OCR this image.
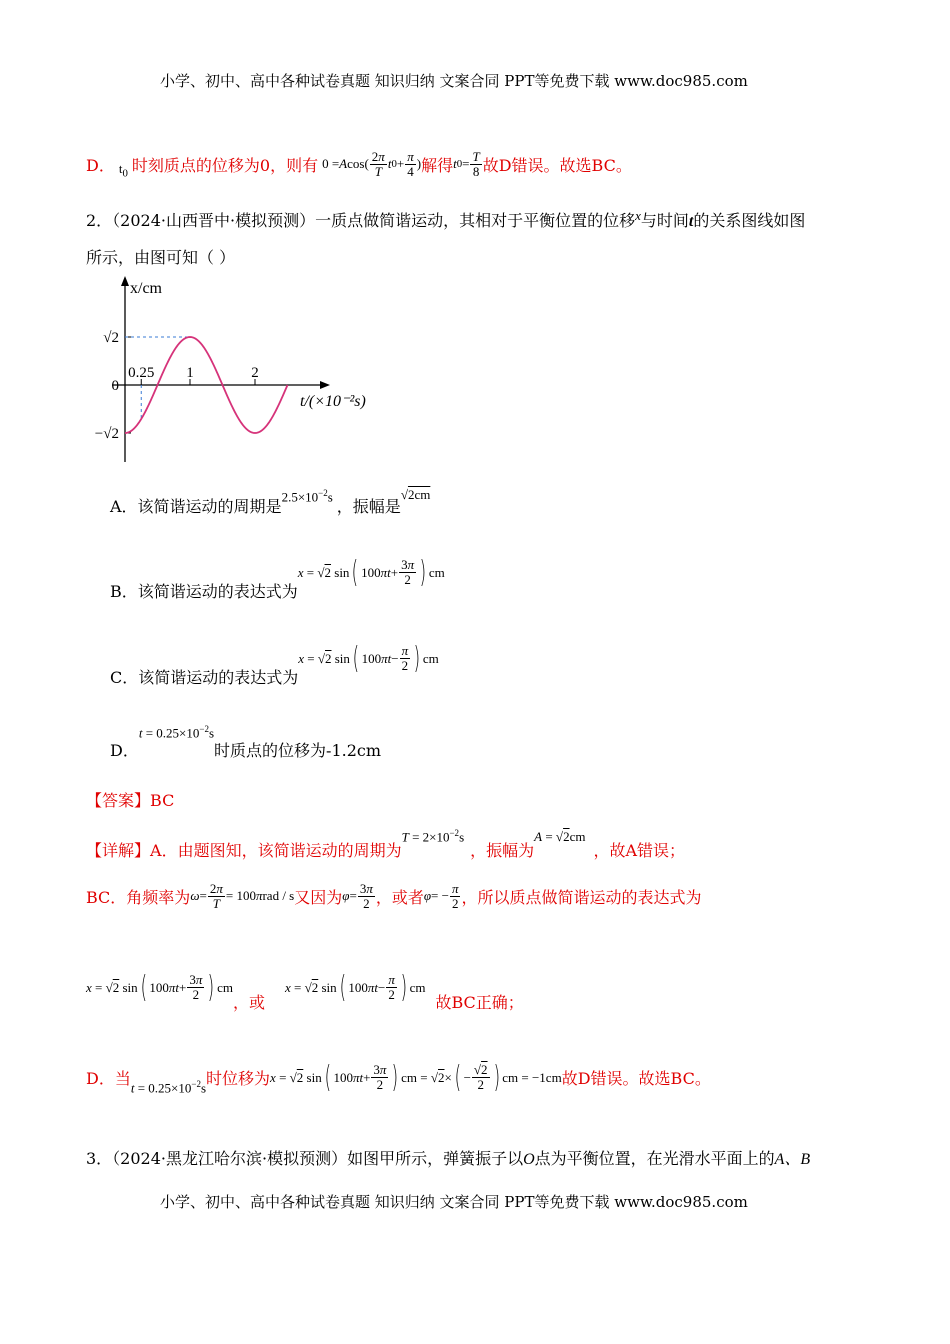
小学、初中、高中各种试卷真题 知识归纳 文案合同 PPT等免费下载 www.doc985.com
D． $t_0$ 时刻质点的位移为0，则有 0 = A $\cos( \frac{2\pi}{T}$ t $0 + \frac{\pi}{4}$ ) 解得 t $0 = \frac{T}{8}$ 故D错误。故选BC。
2．（2024·山西晋中·模拟预测）一质点做简谐运动，其相对于平衡位置的位移$^x$与时间t的关系图线如图
所示，由图可知（ ）
x/cm
t/(×10⁻²s)
√2
0
−√2
0.25 1	2
A．该简谐运动的周期是
$2.5\times 10^{-2}s$
，振幅是
√2cm
B．该简谐运动的表达式为
x = √ 2 sin ( 100 $\pi t + \frac{3\pi}{2}$ ) cm
C．该简谐运动的表达式为
x = √ 2 sin ( 100 $\pi t - \frac{\pi}{2}$ ) cm
D．
$t = 0.25\times 10^{-2}s$
时质点的位移为-1.2cm
【答案】BC
【详解】 A．由题图知，该简谐运动的周期为
$T = 2\times 10^{-2}s$
，振幅为
A = √2cm
，故A错误；
BC．角频率为 $\omega = \frac{2\pi}{T} = 100$ π rad / s 又因为 $\varphi = \frac{3\pi}{2}$ ，或者 φ = − $\frac{\pi}{2}$ ，所以质点做简谐运动的表达式为
x = √ 2 sin ( 100 $\pi t + \frac{3\pi}{2}$ ) cm
，或
x = √ 2 sin ( 100 $\pi t - \frac{\pi}{2}$ ) cm
故BC正确；
D．当 $t = 0.25\times 10^{-2}s$ 时位移为 x = √ 2 sin ( 100 $\pi t + \frac{3\pi}{2}$ ) cm = √ 2 × ( − $\frac{√2}{2}$ ) cm = −1cm 故D错误。故选BC。
3．（2024·黑龙江哈尔滨·模拟预测）如图甲所示，弹簧振子以O点为平衡位置，在光滑水平面上的A、B
小学、初中、高中各种试卷真题 知识归纳 文案合同 PPT等免费下载 www.doc985.com
